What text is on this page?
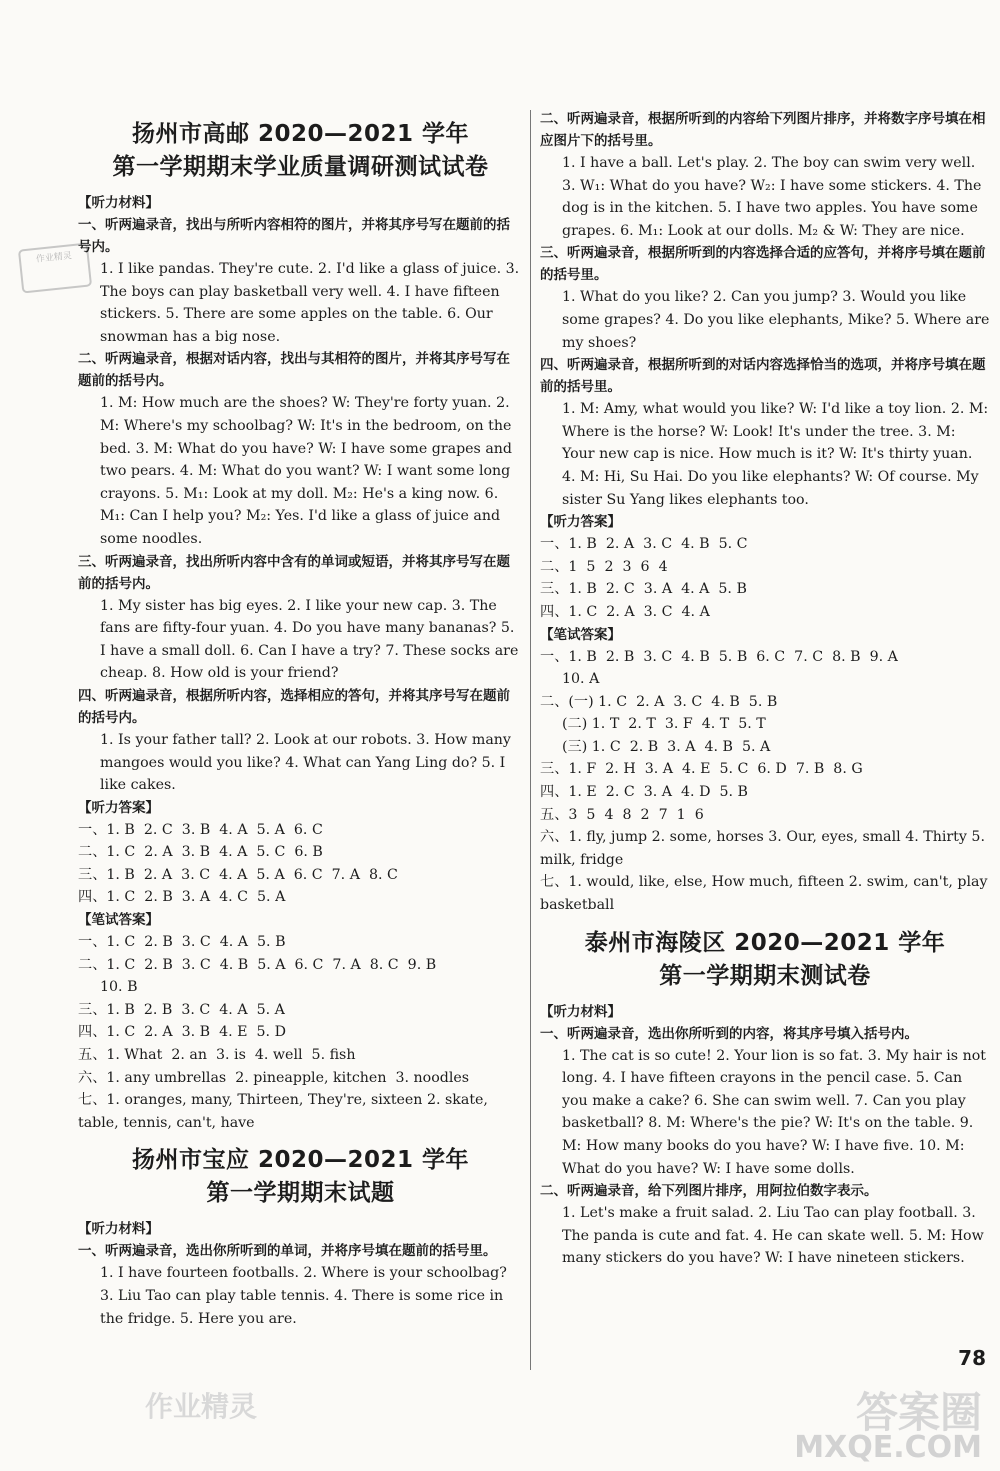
作业精灵
扬州市高邮 2020—2021 学年
第一学期期末学业质量调研测试试卷
【听力材料】
一、听两遍录音，找出与所听内容相符的图片，并将其序号写在题前的括号内。
1. I like pandas. They're cute. 2. I'd like a glass of juice. 3. The boys can play basketball very well. 4. I have fifteen stickers. 5. There are some apples on the table. 6. Our snowman has a big nose.
二、听两遍录音，根据对话内容，找出与其相符的图片，并将其序号写在题前的括号内。
1. M: How much are the shoes? W: They're forty yuan. 2. M: Where's my schoolbag? W: It's in the bedroom, on the bed. 3. M: What do you have? W: I have some grapes and two pears. 4. M: What do you want? W: I want some long crayons. 5. M₁: Look at my doll. M₂: He's a king now. 6. M₁: Can I help you? M₂: Yes. I'd like a glass of juice and some noodles.
三、听两遍录音，找出所听内容中含有的单词或短语，并将其序号写在题前的括号内。
1. My sister has big eyes. 2. I like your new cap. 3. The fans are fifty-four yuan. 4. Do you have many bananas? 5. I have a small doll. 6. Can I have a try? 7. These socks are cheap. 8. How old is your friend?
四、听两遍录音，根据所听内容，选择相应的答句，并将其序号写在题前的括号内。
1. Is your father tall? 2. Look at our robots. 3. How many mangoes would you like? 4. What can Yang Ling do? 5. I like cakes.
【听力答案】
一、1. B  2. C  3. B  4. A  5. A  6. C
二、1. C  2. A  3. B  4. A  5. C  6. B
三、1. B  2. A  3. C  4. A  5. A  6. C  7. A  8. C
四、1. C  2. B  3. A  4. C  5. A
【笔试答案】
一、1. C  2. B  3. C  4. A  5. B
二、1. C  2. B  3. C  4. B  5. A  6. C  7. A  8. C  9. B
10. B
三、1. B  2. B  3. C  4. A  5. A
四、1. C  2. A  3. B  4. E  5. D
五、1. What  2. an  3. is  4. well  5. fish
六、1. any umbrellas  2. pineapple, kitchen  3. noodles
七、1. oranges, many, Thirteen, They're, sixteen 2. skate, table, tennis, can't, have
扬州市宝应 2020—2021 学年
第一学期期末试题
【听力材料】
一、听两遍录音，选出你所听到的单词，并将序号填在题前的括号里。
1. I have fourteen footballs. 2. Where is your schoolbag? 3. Liu Tao can play table tennis. 4. There is some rice in the fridge. 5. Here you are.
二、听两遍录音，根据所听到的内容给下列图片排序，并将数字序号填在相应图片下的括号里。
1. I have a ball. Let's play. 2. The boy can swim very well. 3. W₁: What do you have? W₂: I have some stickers. 4. The dog is in the kitchen. 5. I have two apples. You have some grapes. 6. M₁: Look at our dolls. M₂ & W: They are nice.
三、听两遍录音，根据所听到的内容选择合适的应答句，并将序号填在题前的括号里。
1. What do you like? 2. Can you jump? 3. Would you like some grapes? 4. Do you like elephants, Mike? 5. Where are my shoes?
四、听两遍录音，根据所听到的对话内容选择恰当的选项，并将序号填在题前的括号里。
1. M: Amy, what would you like? W: I'd like a toy lion. 2. M: Where is the horse? W: Look! It's under the tree. 3. M: Your new cap is nice. How much is it? W: It's thirty yuan. 4. M: Hi, Su Hai. Do you like elephants? W: Of course. My sister Su Yang likes elephants too.
【听力答案】
一、1. B  2. A  3. C  4. B  5. C
二、1  5  2  3  6  4
三、1. B  2. C  3. A  4. A  5. B
四、1. C  2. A  3. C  4. A
【笔试答案】
一、1. B  2. B  3. C  4. B  5. B  6. C  7. C  8. B  9. A
10. A
二、(一) 1. C  2. A  3. C  4. B  5. B
(二) 1. T  2. T  3. F  4. T  5. T
(三) 1. C  2. B  3. A  4. B  5. A
三、1. F  2. H  3. A  4. E  5. C  6. D  7. B  8. G
四、1. E  2. C  3. A  4. D  5. B
五、3  5  4  8  2  7  1  6
六、1. fly, jump 2. some, horses 3. Our, eyes, small 4. Thirty 5. milk, fridge
七、1. would, like, else, How much, fifteen 2. swim, can't, play basketball
泰州市海陵区 2020—2021 学年
第一学期期末测试卷
【听力材料】
一、听两遍录音，选出你所听到的内容，将其序号填入括号内。
1. The cat is so cute! 2. Your lion is so fat. 3. My hair is not long. 4. I have fifteen crayons in the pencil case. 5. Can you make a cake? 6. She can swim well. 7. Can you play basketball? 8. M: Where's the pie? W: It's on the table. 9. M: How many books do you have? W: I have five. 10. M: What do you have? W: I have some dolls.
二、听两遍录音，给下列图片排序，用阿拉伯数字表示。
1. Let's make a fruit salad. 2. Liu Tao can play football. 3. The panda is cute and fat. 4. He can skate well. 5. M: How many stickers do you have? W: I have nineteen stickers.
78
作业精灵	答案圈
MXQE.COM
